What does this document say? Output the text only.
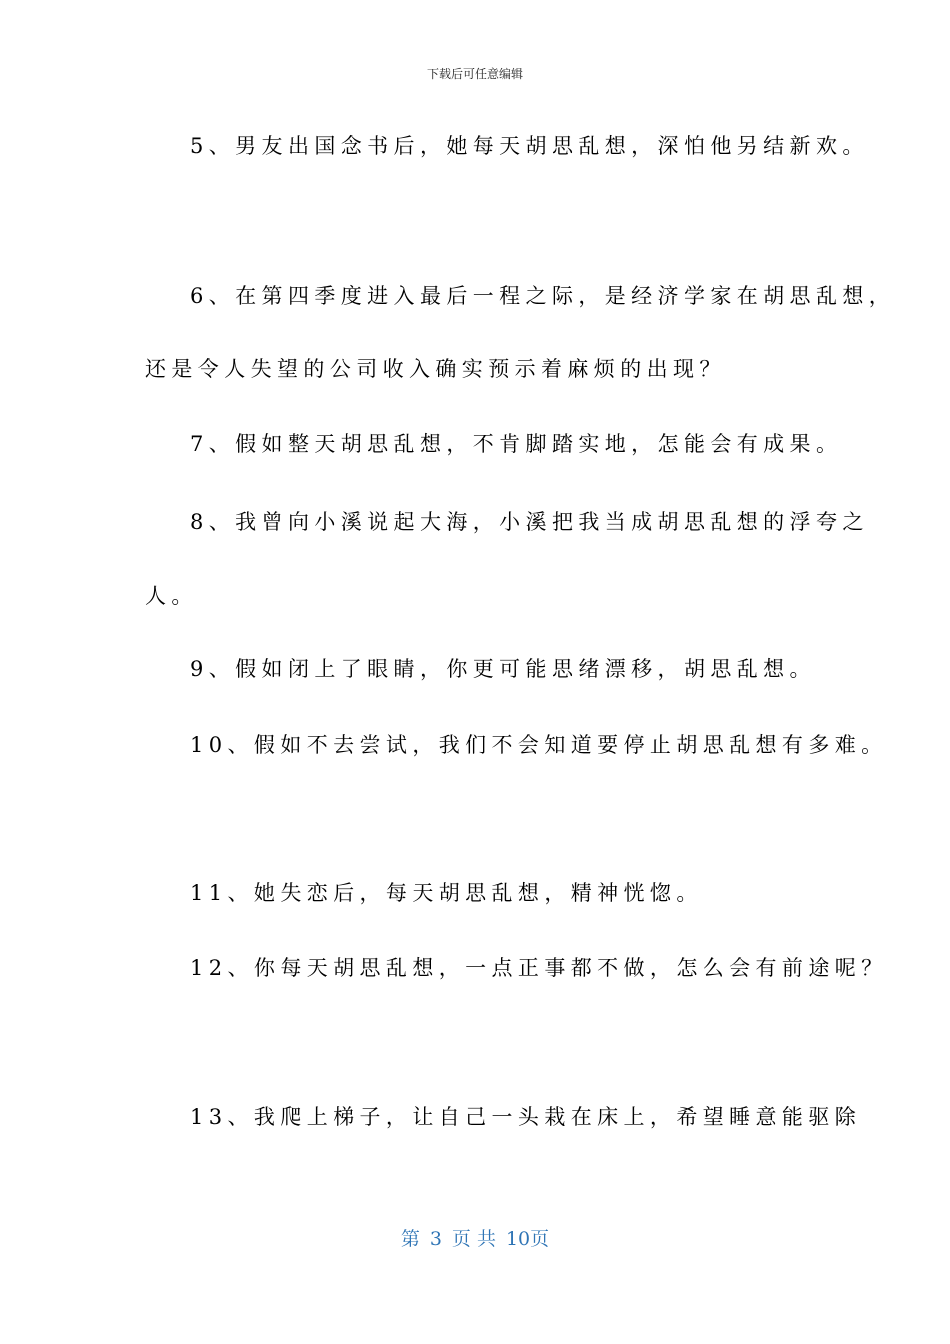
下载后可任意编辑
5、男友出国念书后，她每天胡思乱想，深怕他另结新欢。
6、在第四季度进入最后一程之际，是经济学家在胡思乱想，
还是令人失望的公司收入确实预示着麻烦的出现？
7、假如整天胡思乱想，不肯脚踏实地，怎能会有成果。
8、我曾向小溪说起大海，小溪把我当成胡思乱想的浮夸之
人。
9、假如闭上了眼睛，你更可能思绪漂移，胡思乱想。
10、假如不去尝试，我们不会知道要停止胡思乱想有多难。
11、她失恋后，每天胡思乱想，精神恍惚。
12、你每天胡思乱想，一点正事都不做，怎么会有前途呢？
13、我爬上梯子，让自己一头栽在床上，希望睡意能驱除
第 3 页 共 10页
